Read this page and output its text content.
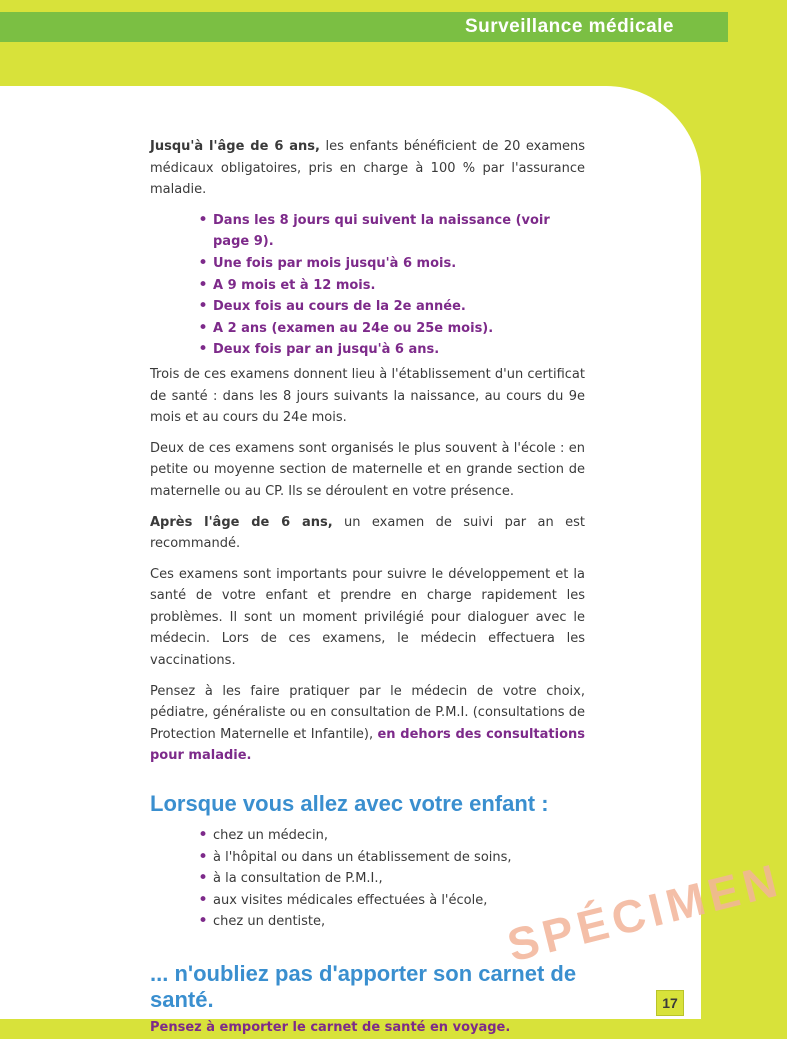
Surveillance médicale

Jusqu'à l'âge de 6 ans, les enfants bénéficient de 20 examens médicaux obligatoires, pris en charge à 100 % par l'assurance maladie.

• Dans les 8 jours qui suivent la naissance (voir page 9).
• Une fois par mois jusqu'à 6 mois.
• A 9 mois et à 12 mois.
• Deux fois au cours de la 2e année.
• A 2 ans (examen au 24e ou 25e mois).
• Deux fois par an jusqu'à 6 ans.

Trois de ces examens donnent lieu à l'établissement d'un certificat de santé : dans les 8 jours suivants la naissance, au cours du 9e mois et au cours du 24e mois.

Deux de ces examens sont organisés le plus souvent à l'école : en petite ou moyenne section de maternelle et en grande section de maternelle ou au CP. Ils se déroulent en votre présence.

Après l'âge de 6 ans, un examen de suivi par an est recommandé.

Ces examens sont importants pour suivre le développement et la santé de votre enfant et prendre en charge rapidement les problèmes. Il sont un moment privilégié pour dialoguer avec le médecin. Lors de ces examens, le médecin effectuera les vaccinations.

Pensez à les faire pratiquer par le médecin de votre choix, pédiatre, généraliste ou en consultation de P.M.I. (consultations de Protection Maternelle et Infantile), en dehors des consultations pour maladie.

Lorsque vous allez avec votre enfant :
• chez un médecin,
• à l'hôpital ou dans un établissement de soins,
• à la consultation de P.M.I.,
• aux visites médicales effectuées à l'école,
• chez un dentiste,
... n'oubliez pas d'apporter son carnet de santé.
Pensez à emporter le carnet de santé en voyage.
SPÉCIMEN
17
